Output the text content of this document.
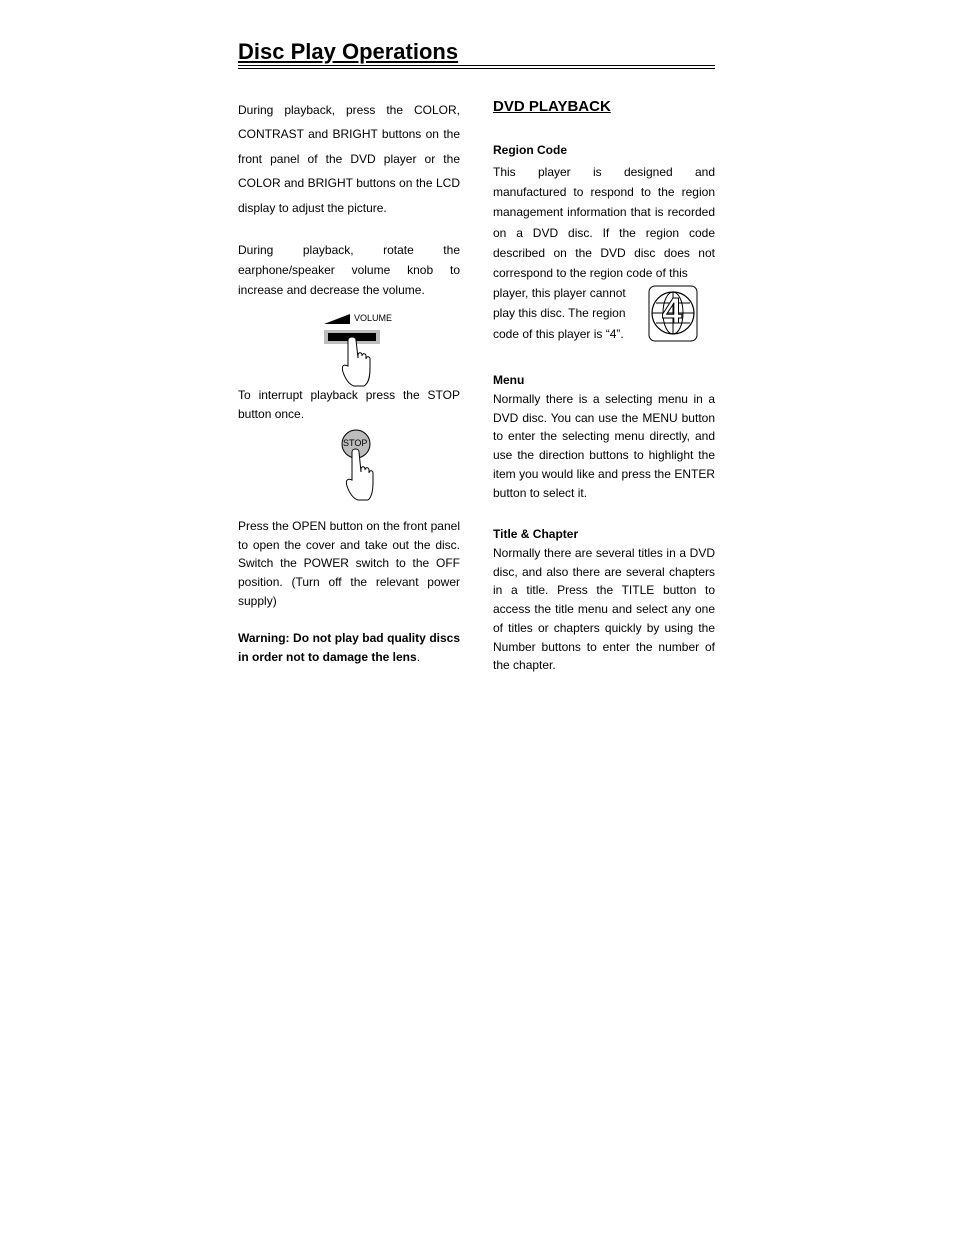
Disc Play Operations

During playback, press the COLOR, CONTRAST and BRIGHT buttons on the front panel of the DVD player or the COLOR and BRIGHT buttons on the LCD display to adjust the picture.

During playback, rotate the earphone/speaker volume knob to increase and decrease the volume.

VOLUME

To interrupt playback press the STOP button once.

STOP

Press the OPEN button on the front panel to open the cover and take out the disc. Switch the POWER switch to the OFF position. (Turn off the relevant power supply)

Warning: Do not play bad quality discs in order not to damage the lens.

DVD PLAYBACK
Region Code

This player is designed and manufactured to respond to the region management information that is recorded on a DVD disc. If the region code described on the DVD disc does not correspond to the region code of this

player, this player cannot play this disc. The region code of this player is “4”.

4
Menu

Normally there is a selecting menu in a DVD disc. You can use the MENU button to enter the selecting menu directly, and use the direction buttons to highlight the item you would like and press the ENTER button to select it.

Title & Chapter

Normally there are several titles in a DVD disc, and also there are several chapters in a title. Press the TITLE button to access the title menu and select any one of titles or chapters quickly by using the Number buttons to enter the number of the chapter.
